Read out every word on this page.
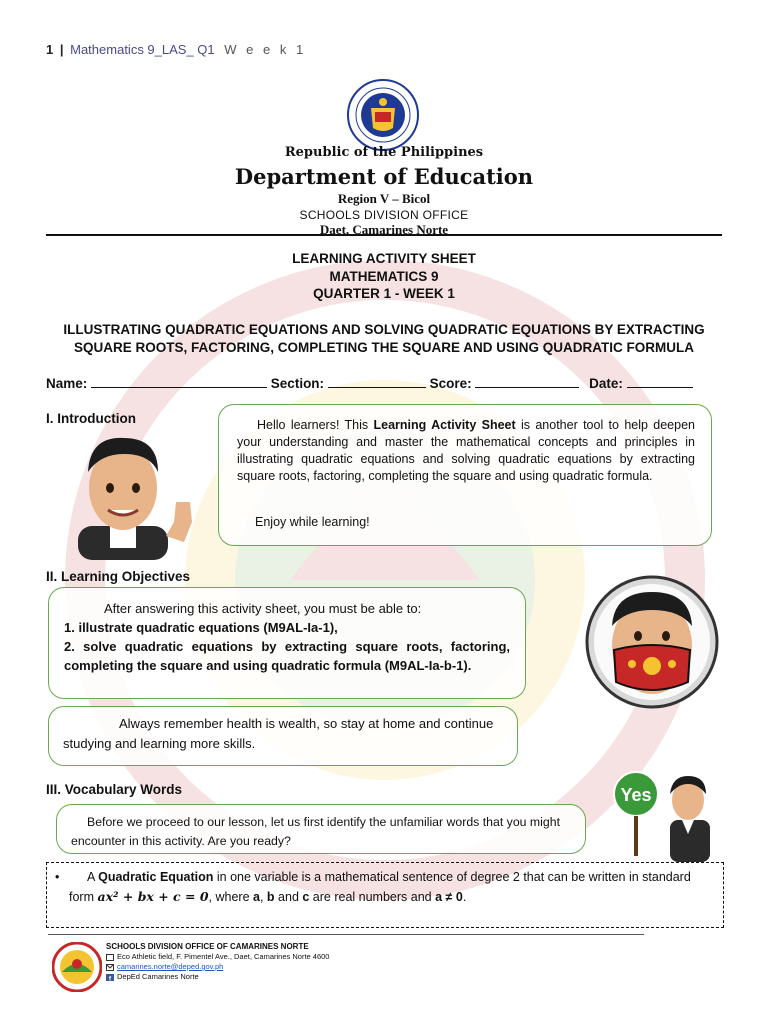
1 | Mathematics 9_LAS_ Q1 W e e k 1
Republic of the Philippines
Department of Education
Region V – Bicol
SCHOOLS DIVISION OFFICE
Daet, Camarines Norte
LEARNING ACTIVITY SHEET
MATHEMATICS 9
QUARTER 1 - WEEK 1
ILLUSTRATING QUADRATIC EQUATIONS AND SOLVING QUADRATIC EQUATIONS BY EXTRACTING SQUARE ROOTS, FACTORING, COMPLETING THE SQUARE AND USING QUADRATIC FORMULA
Name:	Section:	Score:	Date:
I. Introduction	Hello learners! This Learning Activity Sheet is another tool to help deepen your understanding and master the mathematical concepts and principles in illustrating quadratic equations and solving quadratic equations by extracting square roots, factoring, completing the square and using quadratic formula.
Enjoy while learning!
II. Learning Objectives
After answering this activity sheet, you must be able to:
1. illustrate quadratic equations (M9AL-Ia-1),
2. solve quadratic equations by extracting square roots, factoring, completing the square and using quadratic formula (M9AL-Ia-b-1).
Always remember health is wealth, so stay at home and continue studying and learning more skills.
III. Vocabulary Words
Before we proceed to our lesson, let us first identify the unfamiliar words that you might encounter in this activity. Are you ready?
Yes
• A Quadratic Equation in one variable is a mathematical sentence of degree 2 that can be written in standard form ax² + bx + c = 0, where a, b and c are real numbers and a ≠ 0.
SCHOOLS DIVISION OFFICE OF CAMARINES NORTE
Eco Athletic field, F. Pimentel Ave., Daet, Camarines Norte 4600
camarines.norte@deped.gov.ph
f DepEd Camarines Norte
